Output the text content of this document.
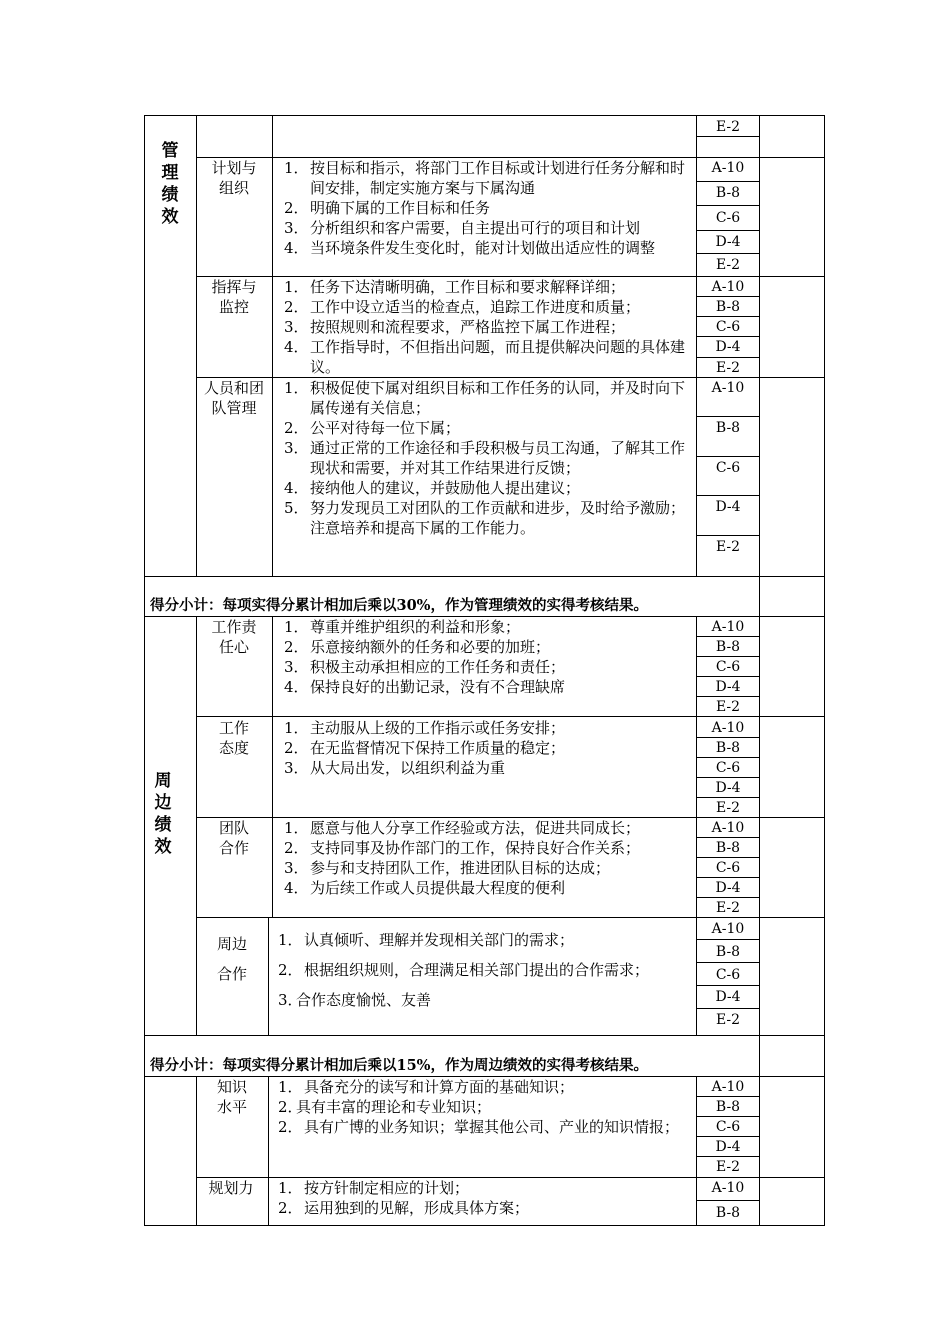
E-2
管理绩效
计划与组织
1． 按目标和指示，将部门工作目标或计划进行任务分解和时间安排，制定实施方案与下属沟通
2． 明确下属的工作目标和任务
3． 分析组织和客户需要，自主提出可行的项目和计划
4． 当环境条件发生变化时，能对计划做出适应性的调整
A-10
B-8
C-6
D-4
E-2
指挥与监控
1． 任务下达清晰明确，工作目标和要求解释详细；
2． 工作中设立适当的检查点，追踪工作进度和质量；
3． 按照规则和流程要求，严格监控下属工作进程；
4． 工作指导时，不但指出问题，而且提供解决问题的具体建议。
A-10
B-8
C-6
D-4
E-2
人员和团队管理
1． 积极促使下属对组织目标和工作任务的认同，并及时向下属传递有关信息；
2． 公平对待每一位下属；
3． 通过正常的工作途径和手段积极与员工沟通，了解其工作现状和需要，并对其工作结果进行反馈；
4． 接纳他人的建议，并鼓励他人提出建议；
5． 努力发现员工对团队的工作贡献和进步，及时给予激励；注意培养和提高下属的工作能力。
A-10
B-8
C-6
D-4
E-2
得分小计：每项实得分累计相加后乘以30%，作为管理绩效的实得考核结果。
周边绩效
工作责任心
1． 尊重并维护组织的利益和形象；
2． 乐意接纳额外的任务和必要的加班；
3． 积极主动承担相应的工作任务和责任；
4． 保持良好的出勤记录，没有不合理缺席
A-10
B-8
C-6
D-4
E-2
工作态度
1． 主动服从上级的工作指示或任务安排；
2． 在无监督情况下保持工作质量的稳定；
3． 从大局出发，以组织利益为重
A-10
B-8
C-6
D-4
E-2
团队合作
1． 愿意与他人分享工作经验或方法，促进共同成长；
2． 支持同事及协作部门的工作，保持良好合作关系；
3． 参与和支持团队工作，推进团队目标的达成；
4． 为后续工作或人员提供最大程度的便利
A-10
B-8
C-6
D-4
E-2
周边合作
1． 认真倾听、理解并发现相关部门的需求；
2． 根据组织规则，合理满足相关部门提出的合作需求；
3．
合作态度愉悦、友善
A-10
B-8
C-6
D-4
E-2
得分小计：每项实得分累计相加后乘以15%，作为周边绩效的实得考核结果。
知识水平
1． 具备充分的读写和计算方面的基础知识；
2．
具有丰富的理论和专业知识；
2． 具有广博的业务知识；掌握其他公司、产业的知识情报；
A-10
B-8
C-6
D-4
E-2
规划力	1． 按方针制定相应的计划；
2． 运用独到的见解，形成具体方案；
A-10
B-8
